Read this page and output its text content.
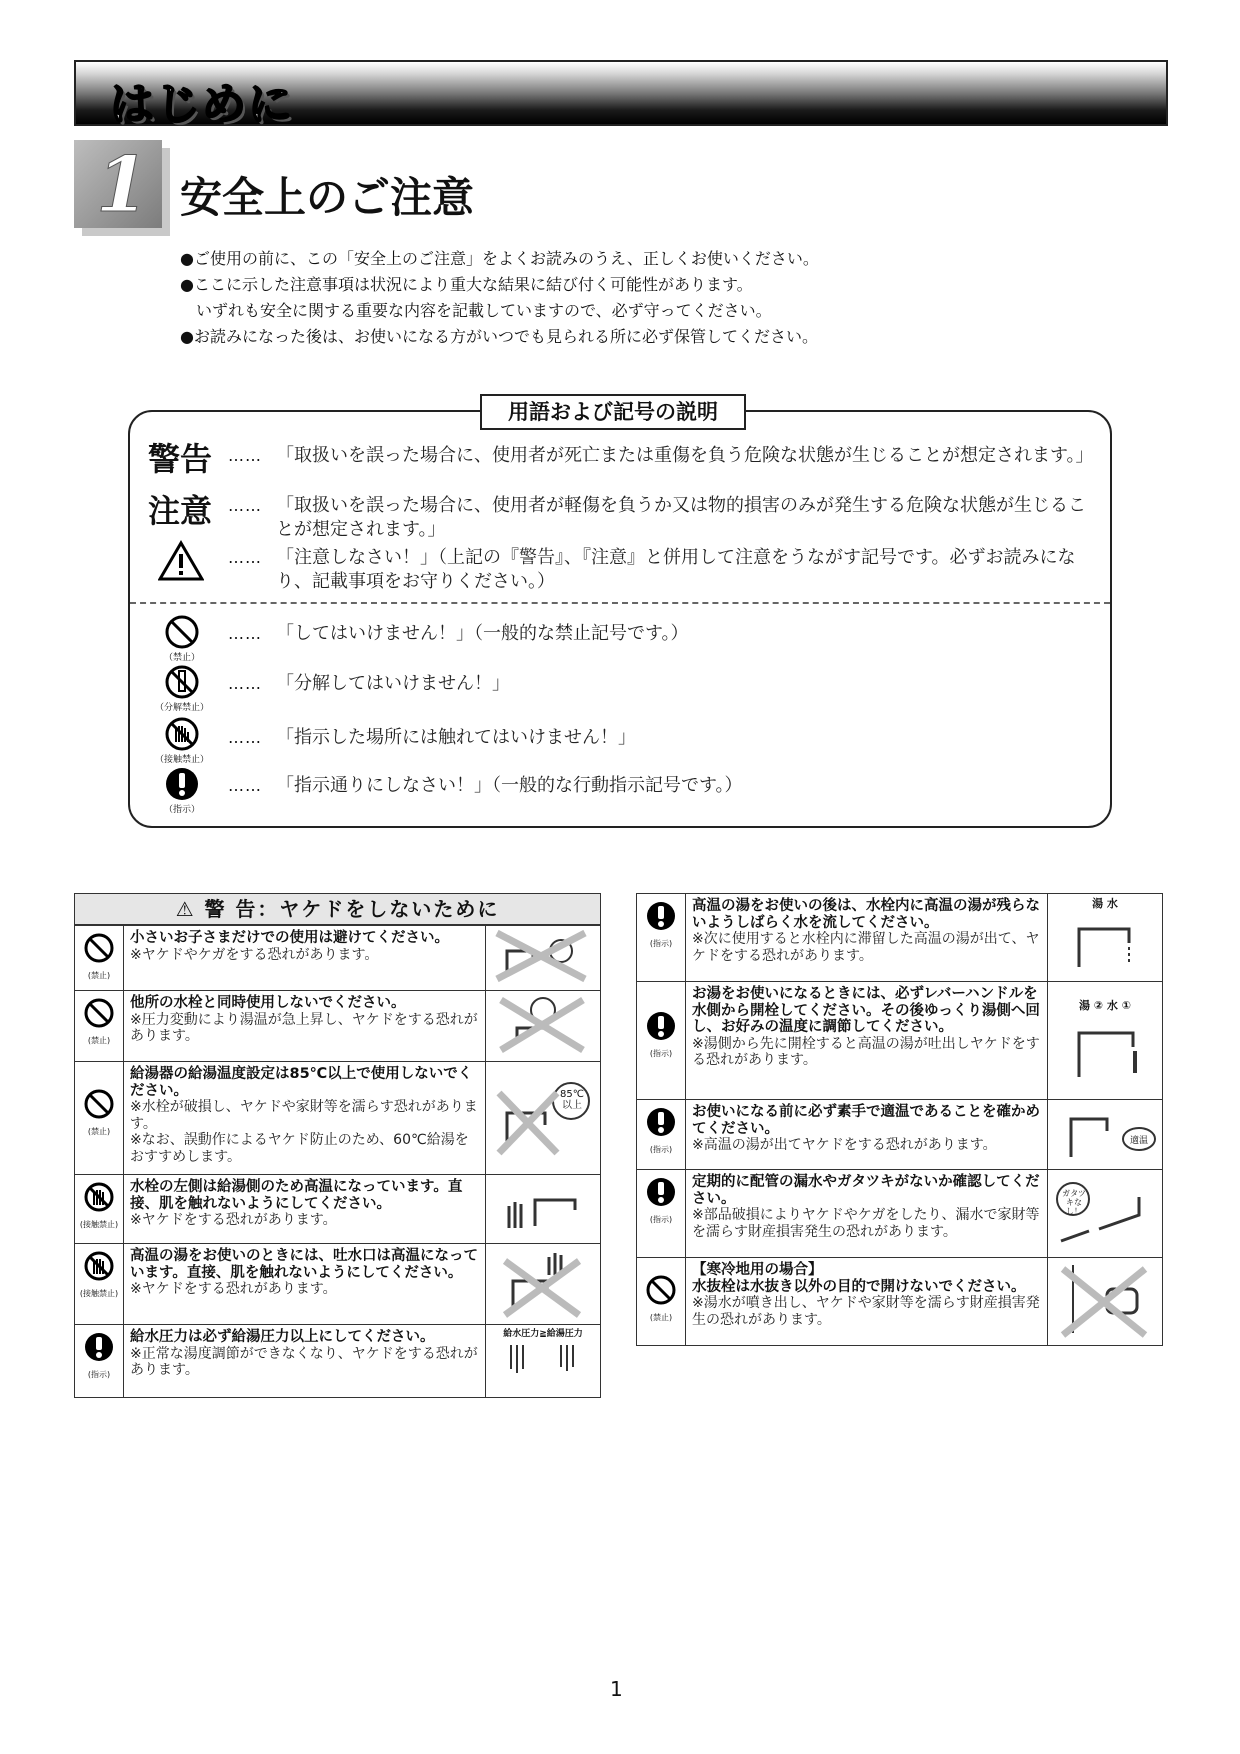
はじめに
1 安全上のご注意
●ご使用の前に、この「安全上のご注意」をよくお読みのうえ、正しくお使いください。
●ここに示した注意事項は状況により重大な結果に結び付く可能性があります。
　いずれも安全に関する重要な内容を記載していますので、必ず守ってください。
●お読みになった後は、お使いになる方がいつでも見られる所に必ず保管してください。
用語および記号の説明
警告 …… 「取扱いを誤った場合に、使用者が死亡または重傷を負う危険な状態が生じることが想定されます。」
注意 …… 「取扱いを誤った場合に、使用者が軽傷を負うか又は物的損害のみが発生する危険な状態が生じることが想定されます。」
…… 「注意しなさい！」（上記の『警告』、『注意』と併用して注意をうながす記号です。必ずお読みになり、記載事項をお守りください。）
（禁止）
…… 「してはいけません！」（一般的な禁止記号です。）
（分解禁止）
…… 「分解してはいけません！」
（接触禁止）
…… 「指示した場所には触れてはいけません！」
（指示）
…… 「指示通りにしなさい！」（一般的な行動指示記号です。）
⚠ 警 告：ヤケドをしないために
(禁止)	小さいお子さまだけでの使用は避けてください。
※ヤケドやケガをする恐れがあります。	

(禁止)	他所の水栓と同時使用しないでください。
※圧力変動により湯温が急上昇し、ヤケドをする恐れがあります。	

(禁止)	給湯器の給湯温度設定は85℃以上で使用しないでください。
※水栓が破損し、ヤケドや家財等を濡らす恐れがあります。
※なお、誤動作によるヤケド防止のため、60℃給湯をおすすめします。	85℃以上

(接触禁止)	水栓の左側は給湯側のため高温になっています。直接、肌を触れないようにしてください。
※ヤケドをする恐れがあります。	

(接触禁止)	高温の湯をお使いのときには、吐水口は高温になっています。直接、肌を触れないようにしてください。
※ヤケドをする恐れがあります。	

(指示)	給水圧力は必ず給湯圧力以上にしてください。
※正常な湯度調節ができなくなり、ヤケドをする恐れがあります。	給水圧力≧給湯圧力
(指示)	高温の湯をお使いの後は、水栓内に高温の湯が残らないようしばらく水を流してください。
※次に使用すると水栓内に滞留した高温の湯が出て、ヤケドをする恐れがあります。	湯 水

(指示)	お湯をお使いになるときには、必ずレバーハンドルを水側から開栓してください。その後ゆっくり湯側へ回し、お好みの温度に調節してください。
※湯側から先に開栓すると高温の湯が吐出しヤケドをする恐れがあります。	湯 ② 水 ①

(指示)	お使いになる前に必ず素手で適温であることを確かめてください。
※高温の湯が出てヤケドをする恐れがあります。	適温

(指示)	定期的に配管の漏水やガタツキがないか確認してください。
※部品破損によりヤケドやケガをしたり、漏水で家財等を濡らす財産損害発生の恐れがあります。	ガタツキなし！

(禁止)	【寒冷地用の場合】
水抜栓は水抜き以外の目的で開けないでください。
※湯水が噴き出し、ヤケドや家財等を濡らす財産損害発生の恐れがあります。	
1
